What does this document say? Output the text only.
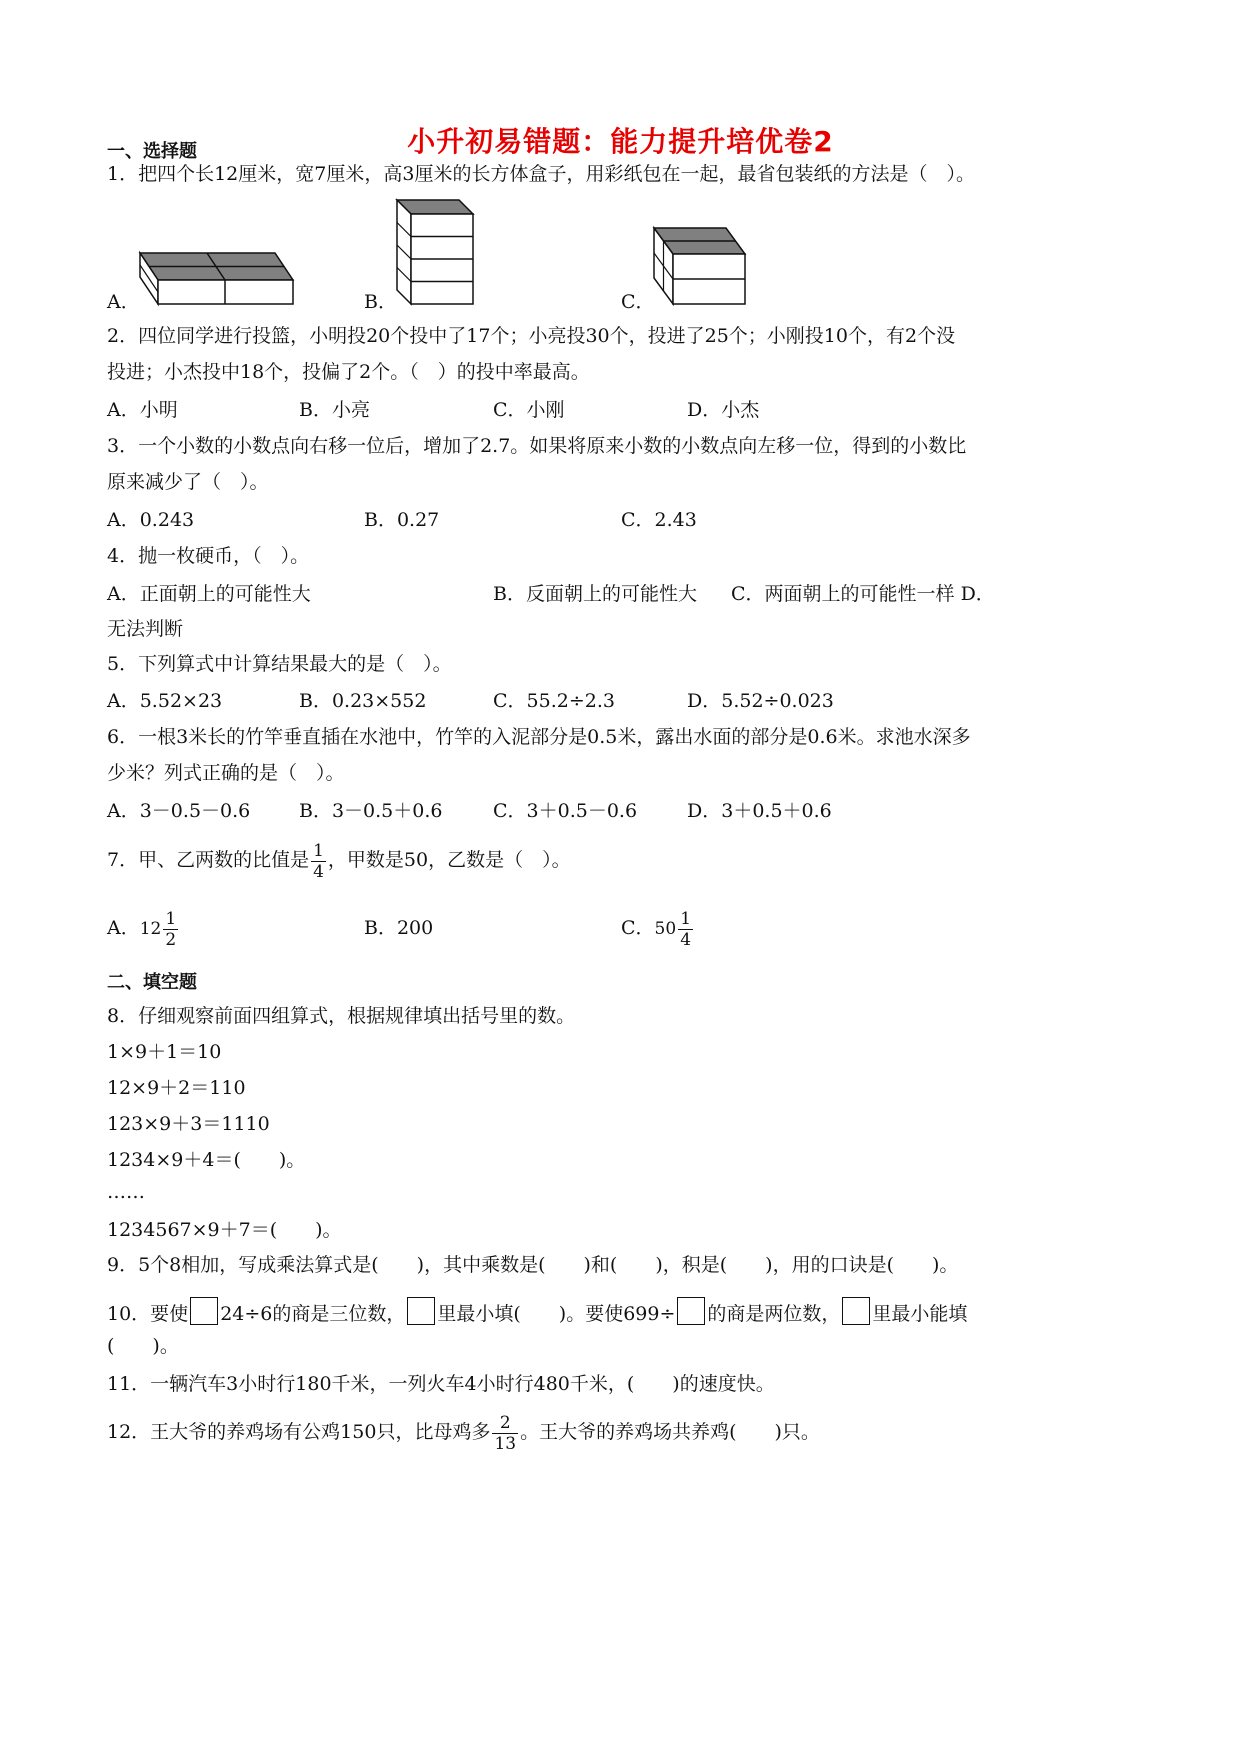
小升初易错题：能力提升培优卷2
一、选择题
1．把四个长12厘米，宽7厘米，高3厘米的长方体盒子，用彩纸包在一起，最省包装纸的方法是（　）。
A．	B．	C．
2．四位同学进行投篮，小明投20个投中了17个；小亮投30个，投进了25个；小刚投10个，有2个没
投进；小杰投中18个，投偏了2个。（　）的投中率最高。
A．小明	B．小亮	C．小刚	D．小杰
3．一个小数的小数点向右移一位后，增加了2.7。如果将原来小数的小数点向左移一位，得到的小数比
原来减少了（　）。
A．0.243	B．0.27	C．2.43
4．抛一枚硬币，（　）。
A．正面朝上的可能性大	B．反面朝上的可能性大 C．两面朝上的可能性一样 D．
无法判断
5．下列算式中计算结果最大的是（　）。
A．5.52×23	B．0.23×552	C．55.2÷2.3	D．5.52÷0.023
6．一根3米长的竹竿垂直插在水池中，竹竿的入泥部分是0.5米，露出水面的部分是0.6米。求池水深多
少米？列式正确的是（　）。
A．3－0.5－0.6	B．3－0.5＋0.6	C．3＋0.5－0.6	D．3＋0.5＋0.6
7．甲、乙两数的比值是 $\frac{1}{4}$ ，甲数是50，乙数是（　）。
A．$12 \frac{1}{2}$	B．200	C．$50 \frac{1}{4}$
二、填空题
8．仔细观察前面四组算式，根据规律填出括号里的数。
1×9＋1＝10
12×9＋2＝110
123×9＋3＝1110
1234×9＋4＝(　　)。
……
1234567×9＋7＝(　　)。
9．5个8相加，写成乘法算式是(　　)，其中乘数是(　　)和(　　)，积是(　　)，用的口诀是(　　)。
10．要使 24÷6的商是三位数， 里最小填(　　)。要使699÷ 的商是两位数， 里最小能填
(　　)。
11．一辆汽车3小时行180千米，一列火车4小时行480千米，(　　)的速度快。
12．王大爷的养鸡场有公鸡150只，比母鸡多 $\frac{2}{13}$ 。王大爷的养鸡场共养鸡(　　)只。
